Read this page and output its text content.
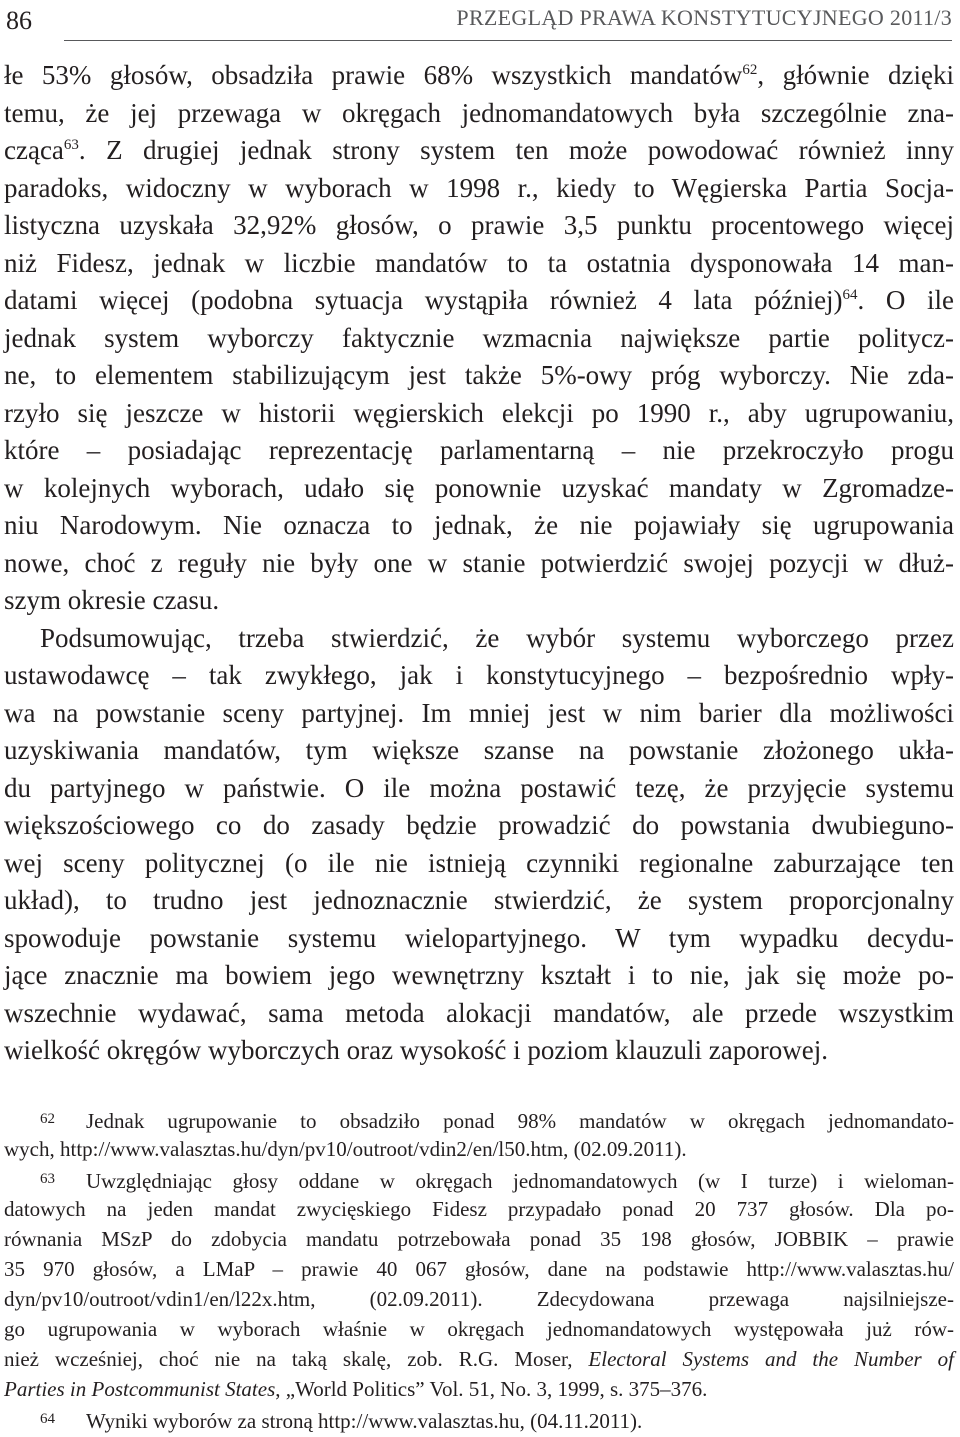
86	PRZEGLĄD PRAWA KONSTYTUCYJNEGO 2011/3
łe 53% głosów, obsadziła prawie 68% wszystkich mandatów$^{62}$, głównie dzięki
temu, że jej przewaga w okręgach jednomandatowych była szczególnie zna-
cząca$^{63}$. Z drugiej jednak strony system ten może powodować również inny
paradoks, widoczny w wyborach w 1998 r., kiedy to Węgierska Partia Socja-
listyczna uzyskała 32,92% głosów, o prawie 3,5 punktu procentowego więcej
niż Fidesz, jednak w liczbie mandatów to ta ostatnia dysponowała 14 man-
datami więcej (podobna sytuacja wystąpiła również 4 lata później)$^{64}$. O ile
jednak system wyborczy faktycznie wzmacnia największe partie politycz-
ne, to elementem stabilizującym jest także 5%-owy próg wyborczy. Nie zda-
rzyło się jeszcze w historii węgierskich elekcji po 1990 r., aby ugrupowaniu,
które – posiadając reprezentację parlamentarną – nie przekroczyło progu
w kolejnych wyborach, udało się ponownie uzyskać mandaty w Zgromadze-
niu Narodowym. Nie oznacza to jednak, że nie pojawiały się ugrupowania
nowe, choć z reguły nie były one w stanie potwierdzić swojej pozycji w dłuż-
szym okresie czasu.
Podsumowując, trzeba stwierdzić, że wybór systemu wyborczego przez
ustawodawcę – tak zwykłego, jak i konstytucyjnego – bezpośrednio wpły-
wa na powstanie sceny partyjnej. Im mniej jest w nim barier dla możliwości
uzyskiwania mandatów, tym większe szanse na powstanie złożonego ukła-
du partyjnego w państwie. O ile można postawić tezę, że przyjęcie systemu
większościowego co do zasady będzie prowadzić do powstania dwubieguno-
wej sceny politycznej (o ile nie istnieją czynniki regionalne zaburzające ten
układ), to trudno jest jednoznacznie stwierdzić, że system proporcjonalny
spowoduje powstanie systemu wielopartyjnego. W tym wypadku decydu-
jące znacznie ma bowiem jego wewnętrzny kształt i to nie, jak się może po-
wszechnie wydawać, sama metoda alokacji mandatów, ale przede wszystkim
wielkość okręgów wyborczych oraz wysokość i poziom klauzuli zaporowej.
62 Jednak ugrupowanie to obsadziło ponad 98% mandatów w okręgach jednomandato-
wych, http://www.valasztas.hu/dyn/pv10/outroot/vdin2/en/l50.htm, (02.09.2011).
63 Uwzględniając głosy oddane w okręgach jednomandatowych (w I turze) i wieloman-
datowych na jeden mandat zwycięskiego Fidesz przypadało ponad 20 737 głosów. Dla po-
równania MSzP do zdobycia mandatu potrzebowała ponad 35 198 głosów, JOBBIK – prawie
35 970 głosów, a LMaP – prawie 40 067 głosów, dane na podstawie http://www.valasztas.hu/
dyn/pv10/outroot/vdin1/en/l22x.htm, (02.09.2011). Zdecydowana przewaga najsilniejsze-
go ugrupowania w wyborach właśnie w okręgach jednomandatowych występowała już rów-
nież wcześniej, choć nie na taką skalę, zob. R.G. Moser, Electoral Systems and the Number of
Parties in Postcommunist States, „World Politics” Vol. 51, No. 3, 1999, s. 375–376.
64 Wyniki wyborów za stroną http://www.valasztas.hu, (04.11.2011).
